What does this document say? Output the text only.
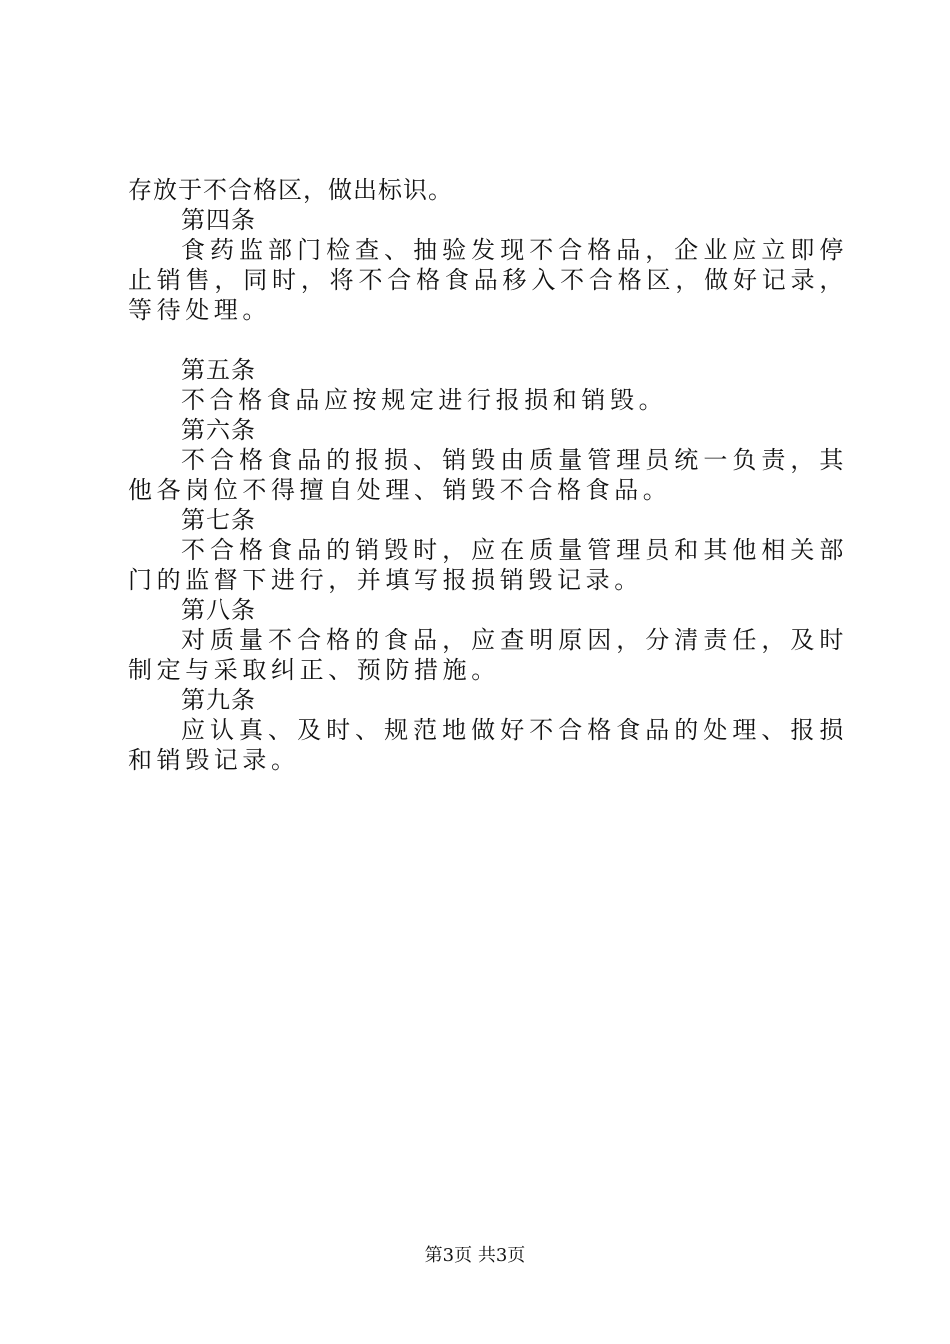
存放于不合格区，做出标识。
第四条

食药监部门检查、抽验发现不合格品，企业应立即停止销售，同时，将不合格食品移入不合格区，做好记录，等待处理。

第五条

不合格食品应按规定进行报损和销毁。

第六条

不合格食品的报损、销毁由质量管理员统一负责，其他各岗位不得擅自处理、销毁不合格食品。

第七条

不合格食品的销毁时，应在质量管理员和其他相关部门的监督下进行，并填写报损销毁记录。

第八条

对质量不合格的食品，应查明原因，分清责任，及时制定与采取纠正、预防措施。

第九条

应认真、及时、规范地做好不合格食品的处理、报损和销毁记录。

第3页 共3页
